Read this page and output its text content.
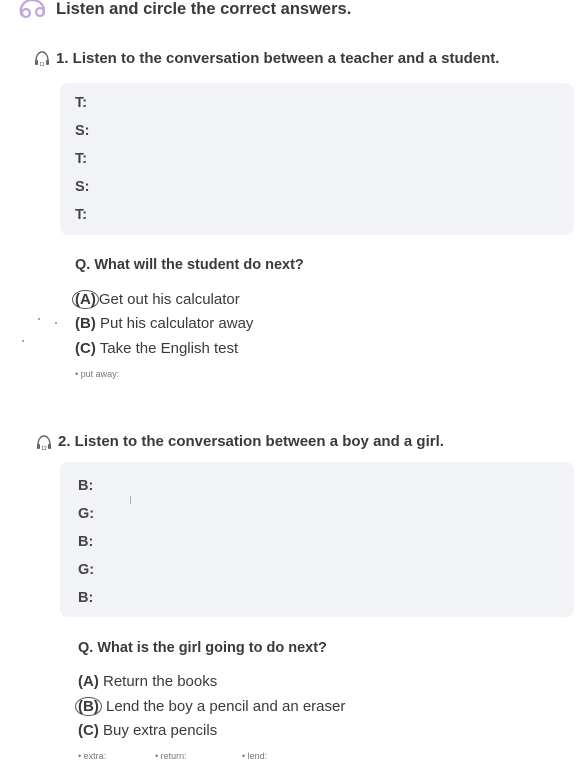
Listen and circle the correct answers.
11 1. Listen to the conversation between a teacher and a student.
T:
S:
T:
S:
T:
Q. What will the student do next?
(A) Get out his calculator
(B) Put his calculator away
(C) Take the English test
• put away:
12 2. Listen to the conversation between a boy and a girl.
B:
G:
B:
G:
B:
Q. What is the girl going to do next?
(A) Return the books
(B) Lend the boy a pencil and an eraser
(C) Buy extra pencils
• extra:	• return:	• lend:
